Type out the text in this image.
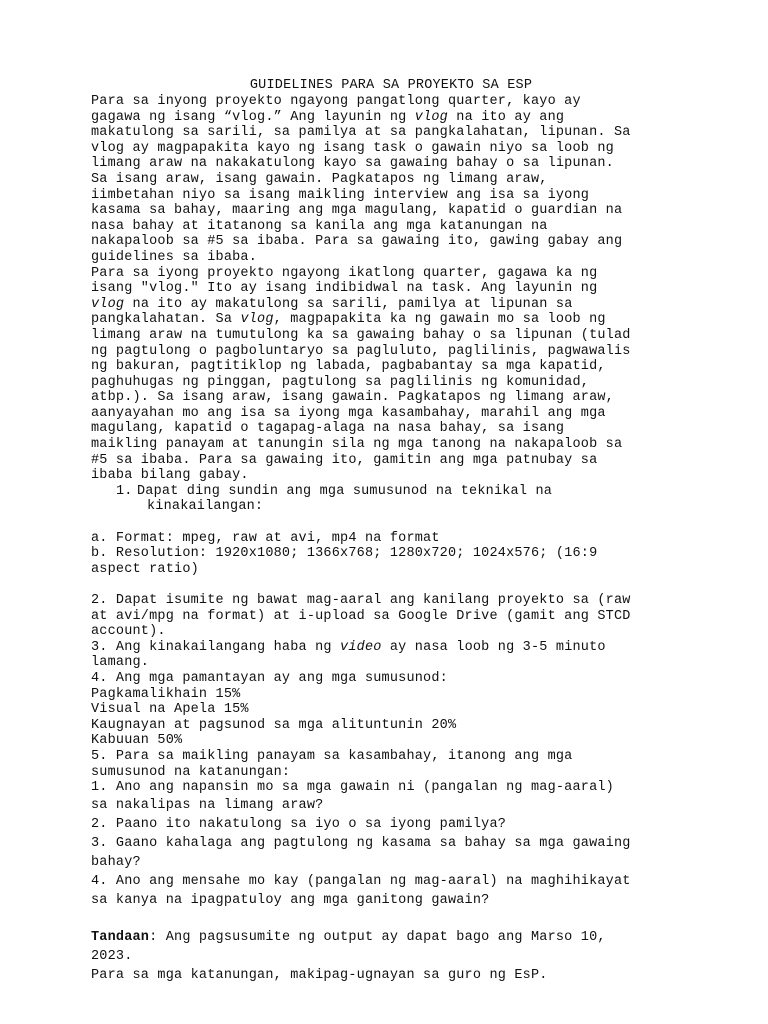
GUIDELINES PARA SA PROYEKTO SA ESP

Para sa inyong proyekto ngayong pangatlong quarter, kayo ay

gagawa ng isang “vlog.” Ang layunin ng vlog na ito ay ang

makatulong sa sarili, sa pamilya at sa pangkalahatan, lipunan. Sa

vlog ay magpapakita kayo ng isang task o gawain niyo sa loob ng

limang araw na nakakatulong kayo sa gawaing bahay o sa lipunan.

Sa isang araw, isang gawain. Pagkatapos ng limang araw,

iimbetahan niyo sa isang maikling interview ang isa sa iyong

kasama sa bahay, maaring ang mga magulang, kapatid o guardian na

nasa bahay at itatanong sa kanila ang mga katanungan na

nakapaloob sa #5 sa ibaba. Para sa gawaing ito, gawing gabay ang

guidelines sa ibaba.

Para sa iyong proyekto ngayong ikatlong quarter, gagawa ka ng

isang "vlog." Ito ay isang indibidwal na task. Ang layunin ng

vlog na ito ay makatulong sa sarili, pamilya at lipunan sa

pangkalahatan. Sa vlog, magpapakita ka ng gawain mo sa loob ng

limang araw na tumutulong ka sa gawaing bahay o sa lipunan (tulad

ng pagtulong o pagboluntaryo sa pagluluto, paglilinis, pagwawalis

ng bakuran, pagtitiklop ng labada, pagbabantay sa mga kapatid,

paghuhugas ng pinggan, pagtulong sa paglilinis ng komunidad,

atbp.). Sa isang araw, isang gawain. Pagkatapos ng limang araw,

aanyayahan mo ang isa sa iyong mga kasambahay, marahil ang mga

magulang, kapatid o tagapag-alaga na nasa bahay, sa isang

maikling panayam at tanungin sila ng mga tanong na nakapaloob sa

#5 sa ibaba. Para sa gawaing ito, gamitin ang mga patnubay sa

ibaba bilang gabay.

1. Dapat ding sundin ang mga sumusunod na teknikal na

kinakailangan:

a. Format: mpeg, raw at avi, mp4 na format

b. Resolution: 1920x1080; 1366x768; 1280x720; 1024x576; (16:9

aspect ratio)

2. Dapat isumite ng bawat mag-aaral ang kanilang proyekto sa (raw

at avi/mpg na format) at i-upload sa Google Drive (gamit ang STCD

account).

3. Ang kinakailangang haba ng video ay nasa loob ng 3-5 minuto

lamang.

4. Ang mga pamantayan ay ang mga sumusunod:

Pagkamalikhain 15%

Visual na Apela 15%

Kaugnayan at pagsunod sa mga alituntunin 20%

Kabuuan 50%

5. Para sa maikling panayam sa kasambahay, itanong ang mga

sumusunod na katanungan:

1. Ano ang napansin mo sa mga gawain ni (pangalan ng mag-aaral)

sa nakalipas na limang araw?

2. Paano ito nakatulong sa iyo o sa iyong pamilya?

3. Gaano kahalaga ang pagtulong ng kasama sa bahay sa mga gawaing

bahay?

4. Ano ang mensahe mo kay (pangalan ng mag-aaral) na maghihikayat

sa kanya na ipagpatuloy ang mga ganitong gawain?

Tandaan: Ang pagsusumite ng output ay dapat bago ang Marso 10,

2023.

Para sa mga katanungan, makipag-ugnayan sa guro ng EsP.
